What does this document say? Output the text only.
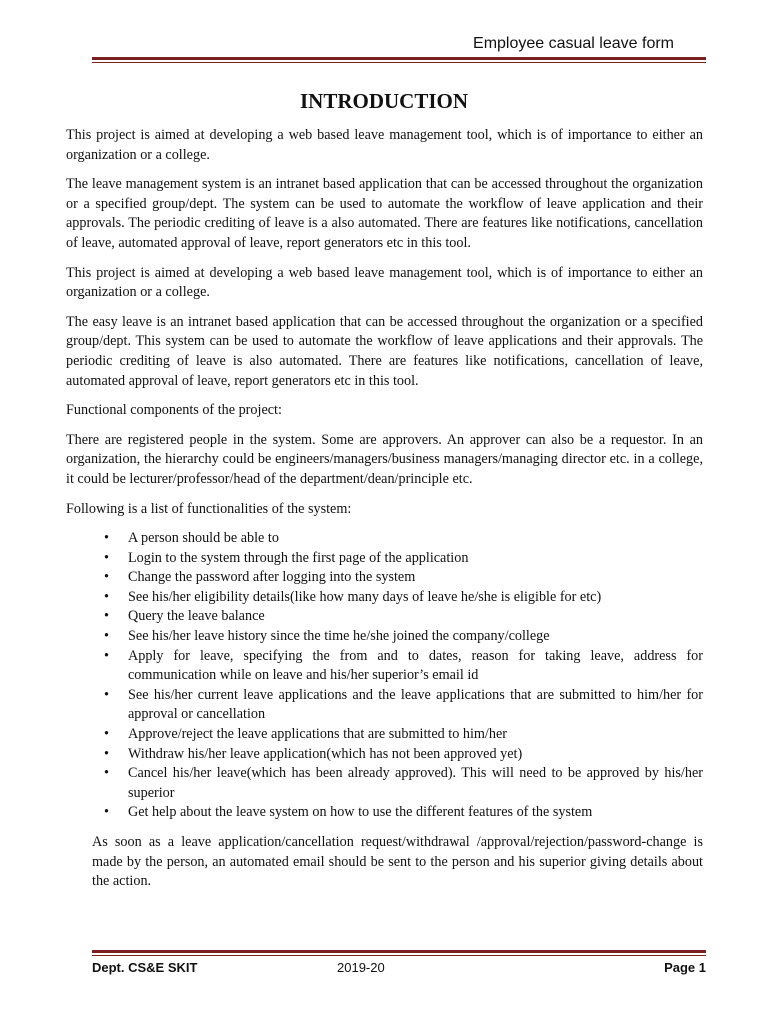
Employee casual leave form
INTRODUCTION

This project is aimed at developing a web based leave management tool, which is of importance to either an organization or a college.

The leave management system is an intranet based application that can be accessed throughout the organization or a specified group/dept. The system can be used to automate the workflow of leave application and their approvals. The periodic crediting of leave is a also automated. There are features like notifications, cancellation of leave, automated approval of leave, report generators etc in this tool.

This project is aimed at developing a web based leave management tool, which is of importance to either an organization or a college.

The easy leave is an intranet based application that can be accessed throughout the organization or a specified group/dept. This system can be used to automate the workflow of leave applications and their approvals. The periodic crediting of leave is also automated. There are features like notifications, cancellation of leave, automated approval of leave, report generators etc in this tool.

Functional components of the project:

There are registered people in the system. Some are approvers. An approver can also be a requestor. In an organization, the hierarchy could be engineers/managers/business managers/managing director etc. in a college, it could be lecturer/professor/head of the department/dean/principle etc.

Following is a list of functionalities of the system:

• A person should be able to
• Login to the system through the first page of the application
• Change the password after logging into the system
• See his/her eligibility details(like how many days of leave he/she is eligible for etc)
• Query the leave balance
• See his/her leave history since the time he/she joined the company/college
• Apply for leave, specifying the from and to dates, reason for taking leave, address for communication while on leave and his/her superior’s email id
• See his/her current leave applications and the leave applications that are submitted to him/her for approval or cancellation
• Approve/reject the leave applications that are submitted to him/her
• Withdraw his/her leave application(which has not been approved yet)
• Cancel his/her leave(which has been already approved). This will need to be approved by his/her superior
• Get help about the leave system on how to use the different features of the system

As soon as a leave application/cancellation request/withdrawal /approval/rejection/password-change is made by the person, an automated email should be sent to the person and his superior giving details about the action.

Dept. CS&E SKIT	2019-20	Page 1
